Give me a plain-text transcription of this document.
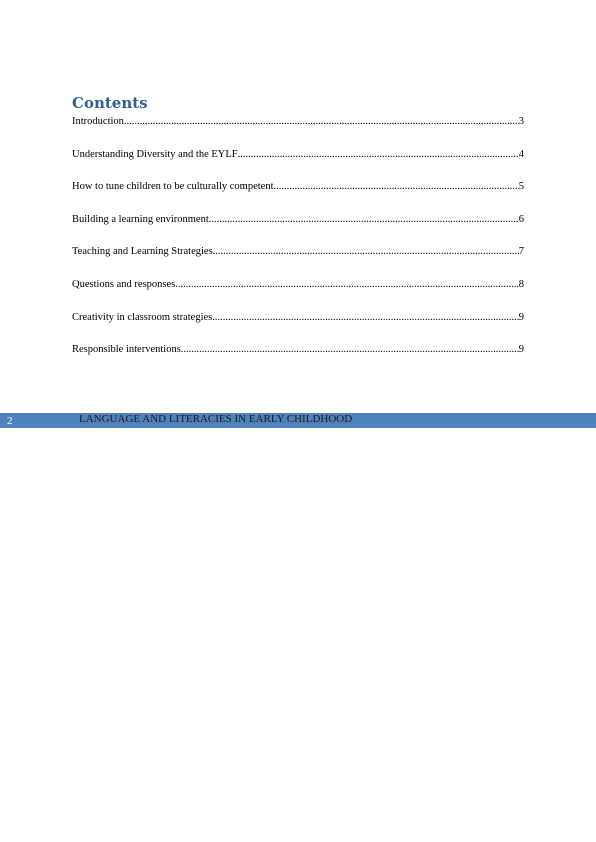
Contents
Introduction .....	3
Understanding Diversity and the EYLF .....	4
How to tune children to be culturally competent .....	5
Building a learning environment .....	6
Teaching and Learning Strategies .....	7
Questions and responses .....	8
Creativity in classroom strategies .....	9
Responsible interventions .....	9
2	LANGUAGE AND LITERACIES IN EARLY CHILDHOOD
